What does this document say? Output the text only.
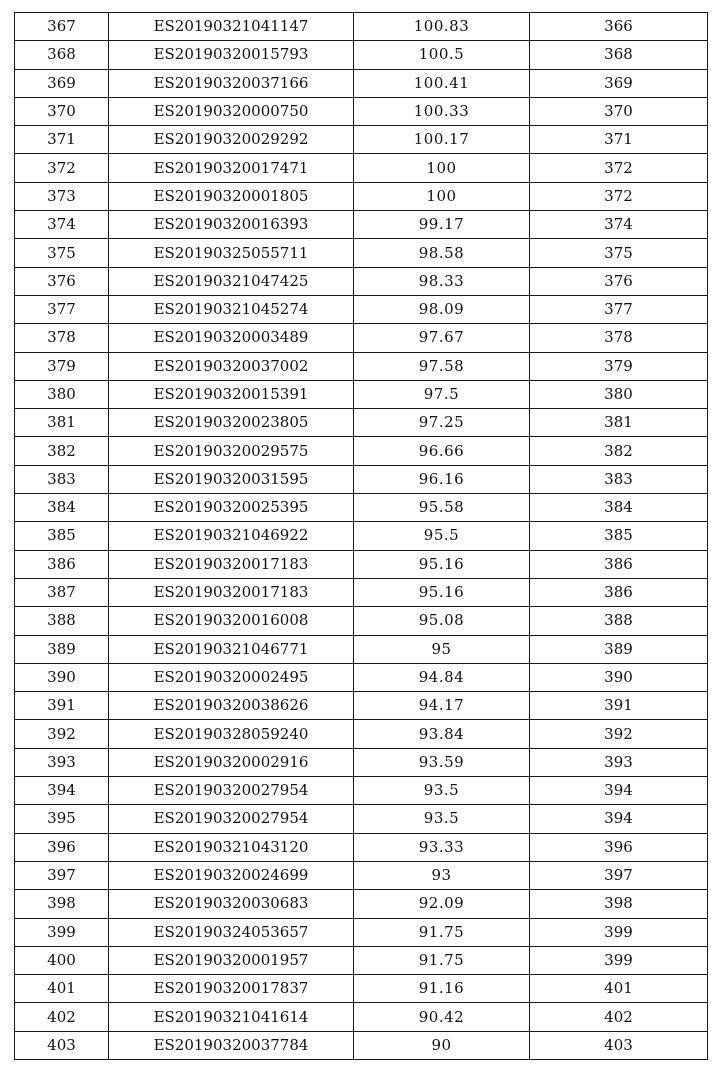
367	ES20190321041147	100.83	366
368	ES20190320015793	100.5	368
369	ES20190320037166	100.41	369
370	ES20190320000750	100.33	370
371	ES20190320029292	100.17	371
372	ES20190320017471	100	372
373	ES20190320001805	100	372
374	ES20190320016393	99.17	374
375	ES20190325055711	98.58	375
376	ES20190321047425	98.33	376
377	ES20190321045274	98.09	377
378	ES20190320003489	97.67	378
379	ES20190320037002	97.58	379
380	ES20190320015391	97.5	380
381	ES20190320023805	97.25	381
382	ES20190320029575	96.66	382
383	ES20190320031595	96.16	383
384	ES20190320025395	95.58	384
385	ES20190321046922	95.5	385
386	ES20190320017183	95.16	386
387	ES20190320017183	95.16	386
388	ES20190320016008	95.08	388
389	ES20190321046771	95	389
390	ES20190320002495	94.84	390
391	ES20190320038626	94.17	391
392	ES20190328059240	93.84	392
393	ES20190320002916	93.59	393
394	ES20190320027954	93.5	394
395	ES20190320027954	93.5	394
396	ES20190321043120	93.33	396
397	ES20190320024699	93	397
398	ES20190320030683	92.09	398
399	ES20190324053657	91.75	399
400	ES20190320001957	91.75	399
401	ES20190320017837	91.16	401
402	ES20190321041614	90.42	402
403	ES20190320037784	90	403
